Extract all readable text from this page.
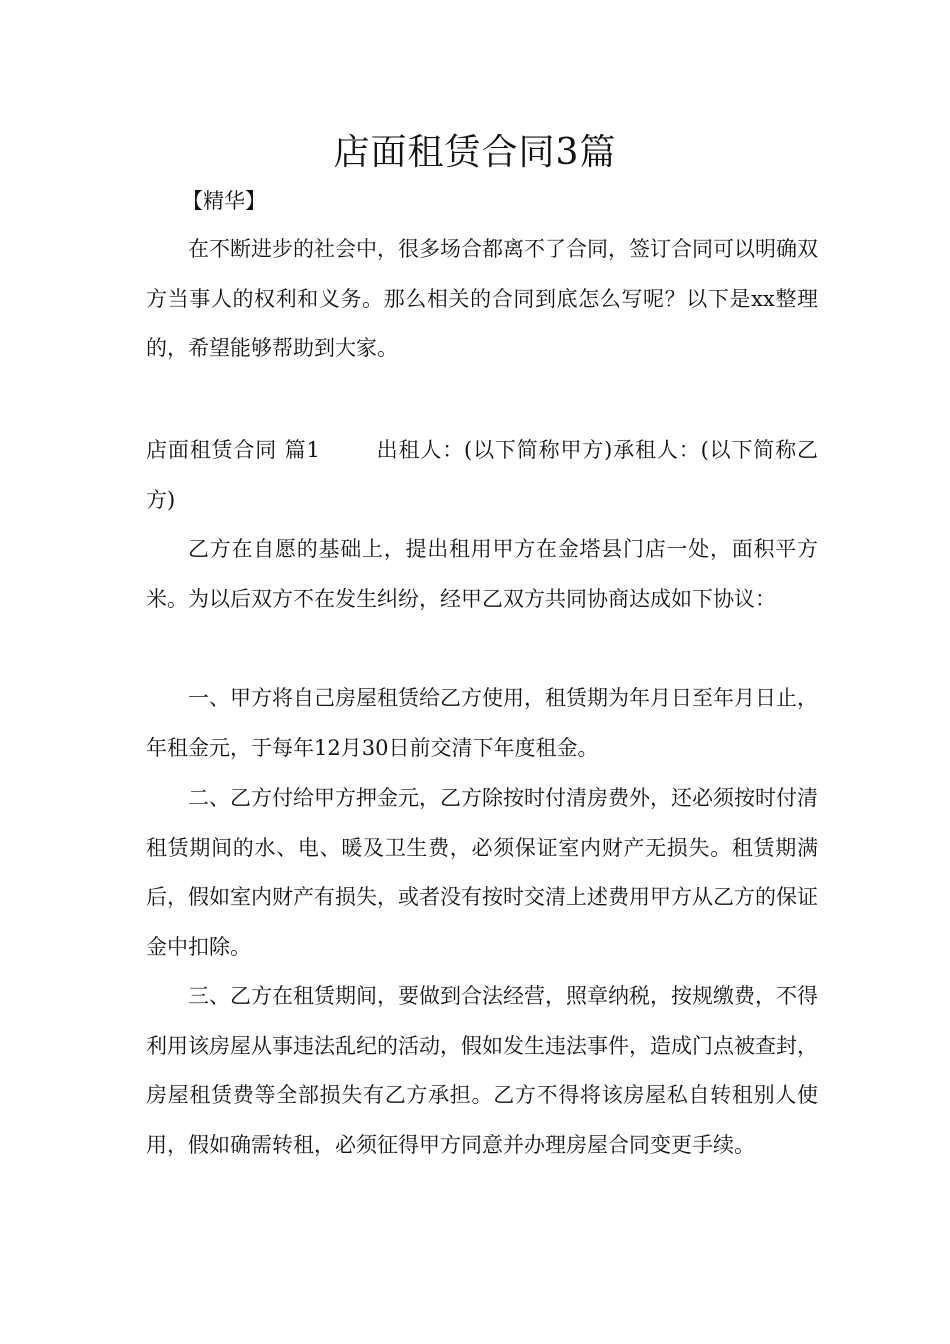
店面租赁合同3篇
【精华】

在不断进步的社会中，很多场合都离不了合同，签订合同可以明确双方当事人的权利和义务。那么相关的合同到底怎么写呢？以下是xx整理的，希望能够帮助到大家。

店面租赁合同 篇1	出租人：(以下简称甲方)承租人：(以下简称乙方)

乙方在自愿的基础上，提出租用甲方在金塔县门店一处，面积平方米。为以后双方不在发生纠纷，经甲乙双方共同协商达成如下协议：

一、甲方将自己房屋租赁给乙方使用，租赁期为年月日至年月日止，年租金元，于每年12月30日前交清下年度租金。

二、乙方付给甲方押金元，乙方除按时付清房费外，还必须按时付清租赁期间的水、电、暖及卫生费，必须保证室内财产无损失。租赁期满后，假如室内财产有损失，或者没有按时交清上述费用甲方从乙方的保证金中扣除。

三、乙方在租赁期间，要做到合法经营，照章纳税，按规缴费，不得利用该房屋从事违法乱纪的活动，假如发生违法事件，造成门点被查封，房屋租赁费等全部损失有乙方承担。乙方不得将该房屋私自转租别人使用，假如确需转租，必须征得甲方同意并办理房屋合同变更手续。
